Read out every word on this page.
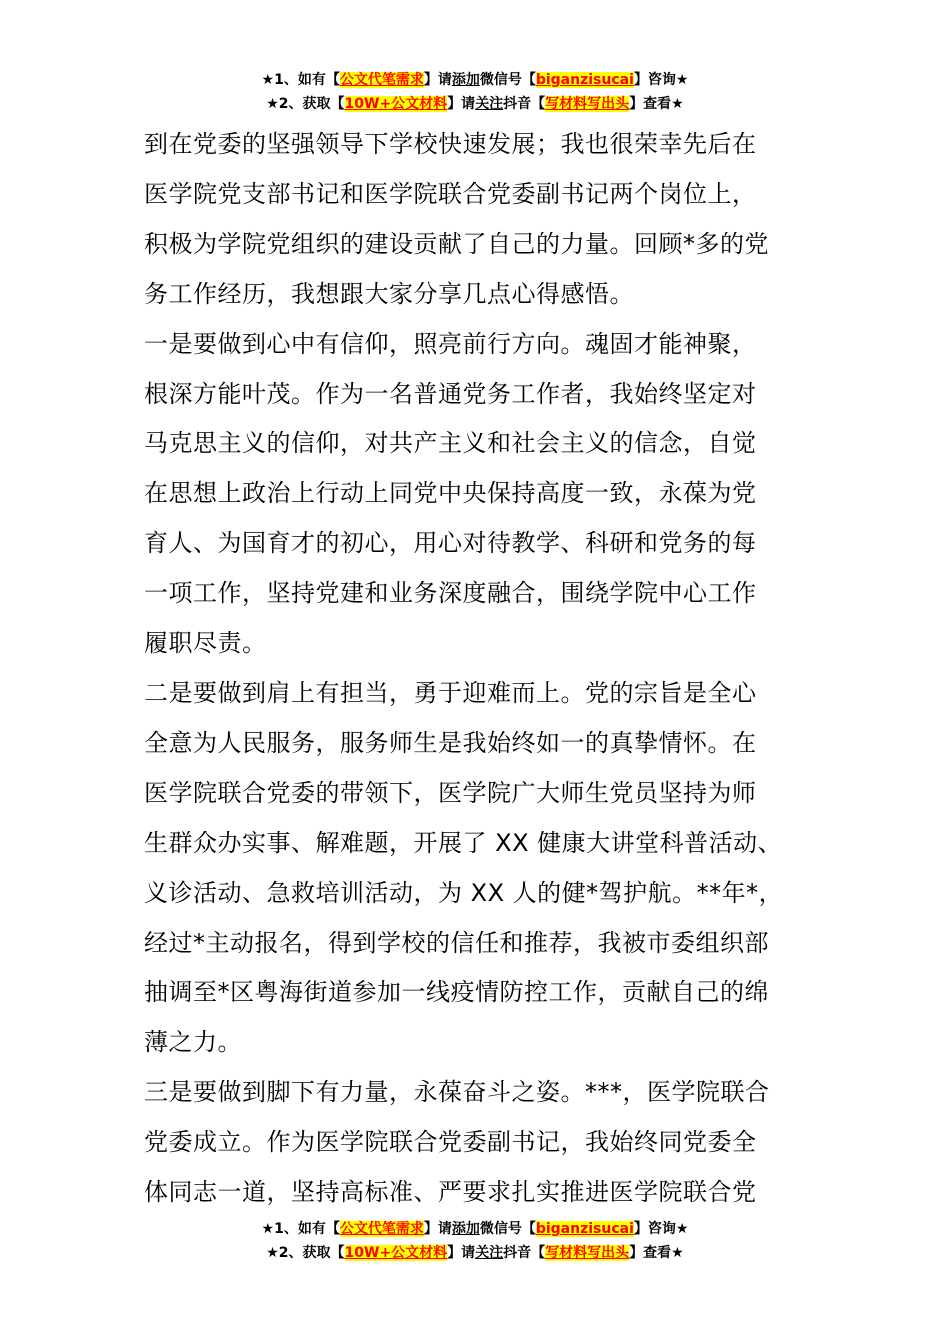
★1、如有【公文代笔需求】请添加微信号【biganzisucai】咨询★
★2、获取【10W+公文材料】请关注抖音【写材料写出头】查看★
到在党委的坚强领导下学校快速发展；我也很荣幸先后在
医学院党支部书记和医学院联合党委副书记两个岗位上，
积极为学院党组织的建设贡献了自己的力量。回顾*多的党
务工作经历，我想跟大家分享几点心得感悟。
一是要做到心中有信仰，照亮前行方向。魂固才能神聚，
根深方能叶茂。作为一名普通党务工作者，我始终坚定对
马克思主义的信仰，对共产主义和社会主义的信念，自觉
在思想上政治上行动上同党中央保持高度一致，永葆为党
育人、为国育才的初心，用心对待教学、科研和党务的每
一项工作，坚持党建和业务深度融合，围绕学院中心工作
履职尽责。
二是要做到肩上有担当，勇于迎难而上。党的宗旨是全心
全意为人民服务，服务师生是我始终如一的真挚情怀。在
医学院联合党委的带领下，医学院广大师生党员坚持为师
生群众办实事、解难题，开展了 XX 健康大讲堂科普活动、
义诊活动、急救培训活动，为 XX 人的健*驾护航。**年*，
经过*主动报名，得到学校的信任和推荐，我被市委组织部
抽调至*区粤海街道参加一线疫情防控工作，贡献自己的绵
薄之力。
三是要做到脚下有力量，永葆奋斗之姿。***，医学院联合
党委成立。作为医学院联合党委副书记，我始终同党委全
体同志一道，坚持高标准、严要求扎实推进医学院联合党
★1、如有【公文代笔需求】请添加微信号【biganzisucai】咨询★
★2、获取【10W+公文材料】请关注抖音【写材料写出头】查看★
